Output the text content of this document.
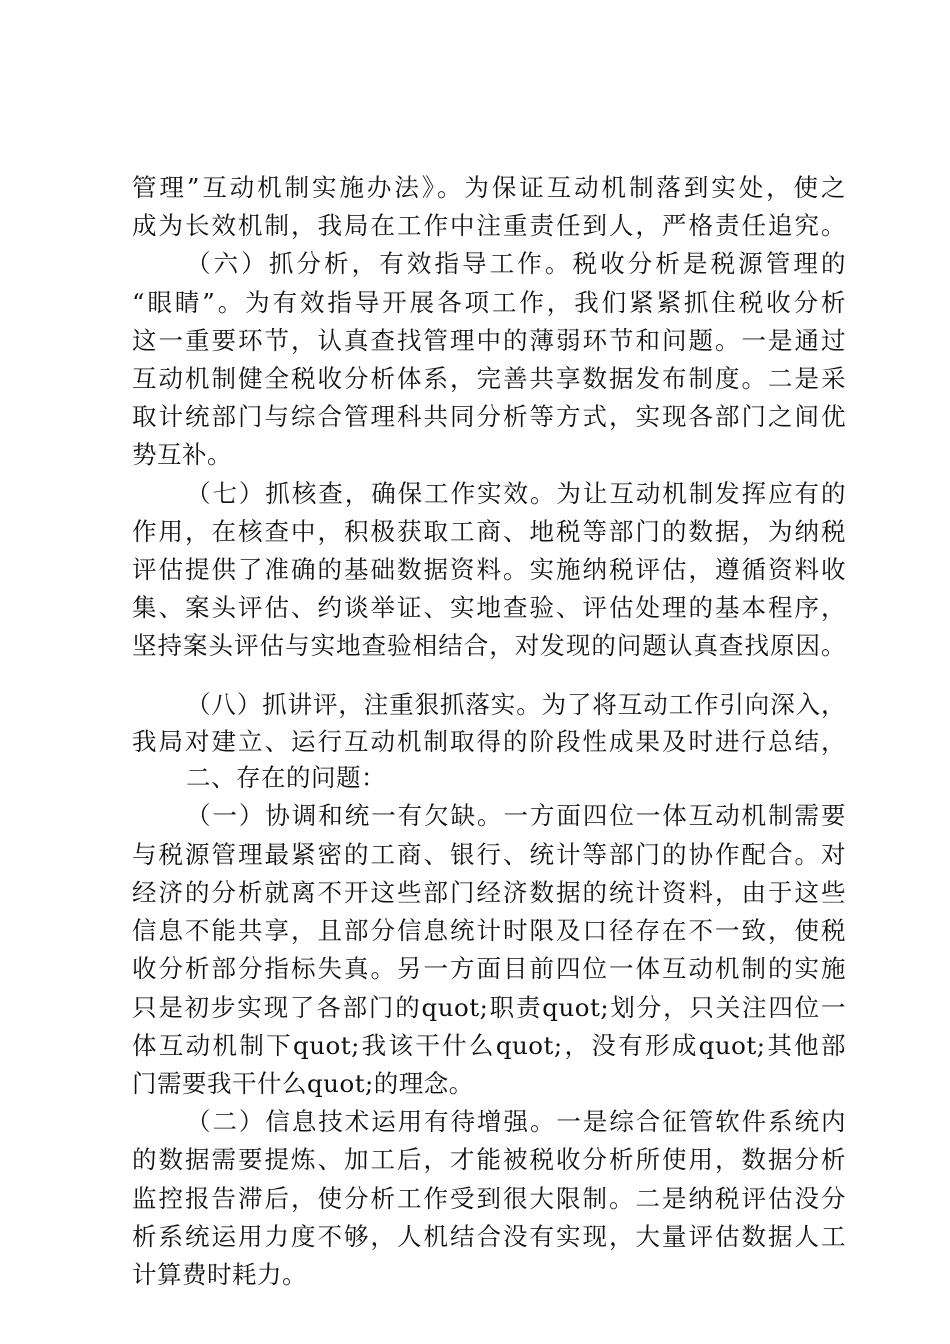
管理”互动机制实施办法》。为保证互动机制落到实处，使之
成为长效机制，我局在工作中注重责任到人，严格责任追究。
（六）抓分析，有效指导工作。税收分析是税源管理的
“眼睛”。为有效指导开展各项工作，我们紧紧抓住税收分析
这一重要环节，认真查找管理中的薄弱环节和问题。一是通过
互动机制健全税收分析体系，完善共享数据发布制度。二是采
取计统部门与综合管理科共同分析等方式，实现各部门之间优
势互补。
（七）抓核查，确保工作实效。为让互动机制发挥应有的
作用，在核查中，积极获取工商、地税等部门的数据，为纳税
评估提供了准确的基础数据资料。实施纳税评估，遵循资料收
集、案头评估、约谈举证、实地查验、评估处理的基本程序，
坚持案头评估与实地查验相结合，对发现的问题认真查找原因。
（八）抓讲评，注重狠抓落实。为了将互动工作引向深入，
我局对建立、运行互动机制取得的阶段性成果及时进行总结，
二、存在的问题：
（一）协调和统一有欠缺。一方面四位一体互动机制需要
与税源管理最紧密的工商、银行、统计等部门的协作配合。对
经济的分析就离不开这些部门经济数据的统计资料，由于这些
信息不能共享，且部分信息统计时限及口径存在不一致，使税
收分析部分指标失真。另一方面目前四位一体互动机制的实施
只是初步实现了各部门的quot;职责quot;划分，只关注四位一
体互动机制下quot;我该干什么quot;，没有形成quot;其他部
门需要我干什么quot;的理念。
（二）信息技术运用有待增强。一是综合征管软件系统内
的数据需要提炼、加工后，才能被税收分析所使用，数据分析
监控报告滞后，使分析工作受到很大限制。二是纳税评估没分
析系统运用力度不够，人机结合没有实现，大量评估数据人工
计算费时耗力。
